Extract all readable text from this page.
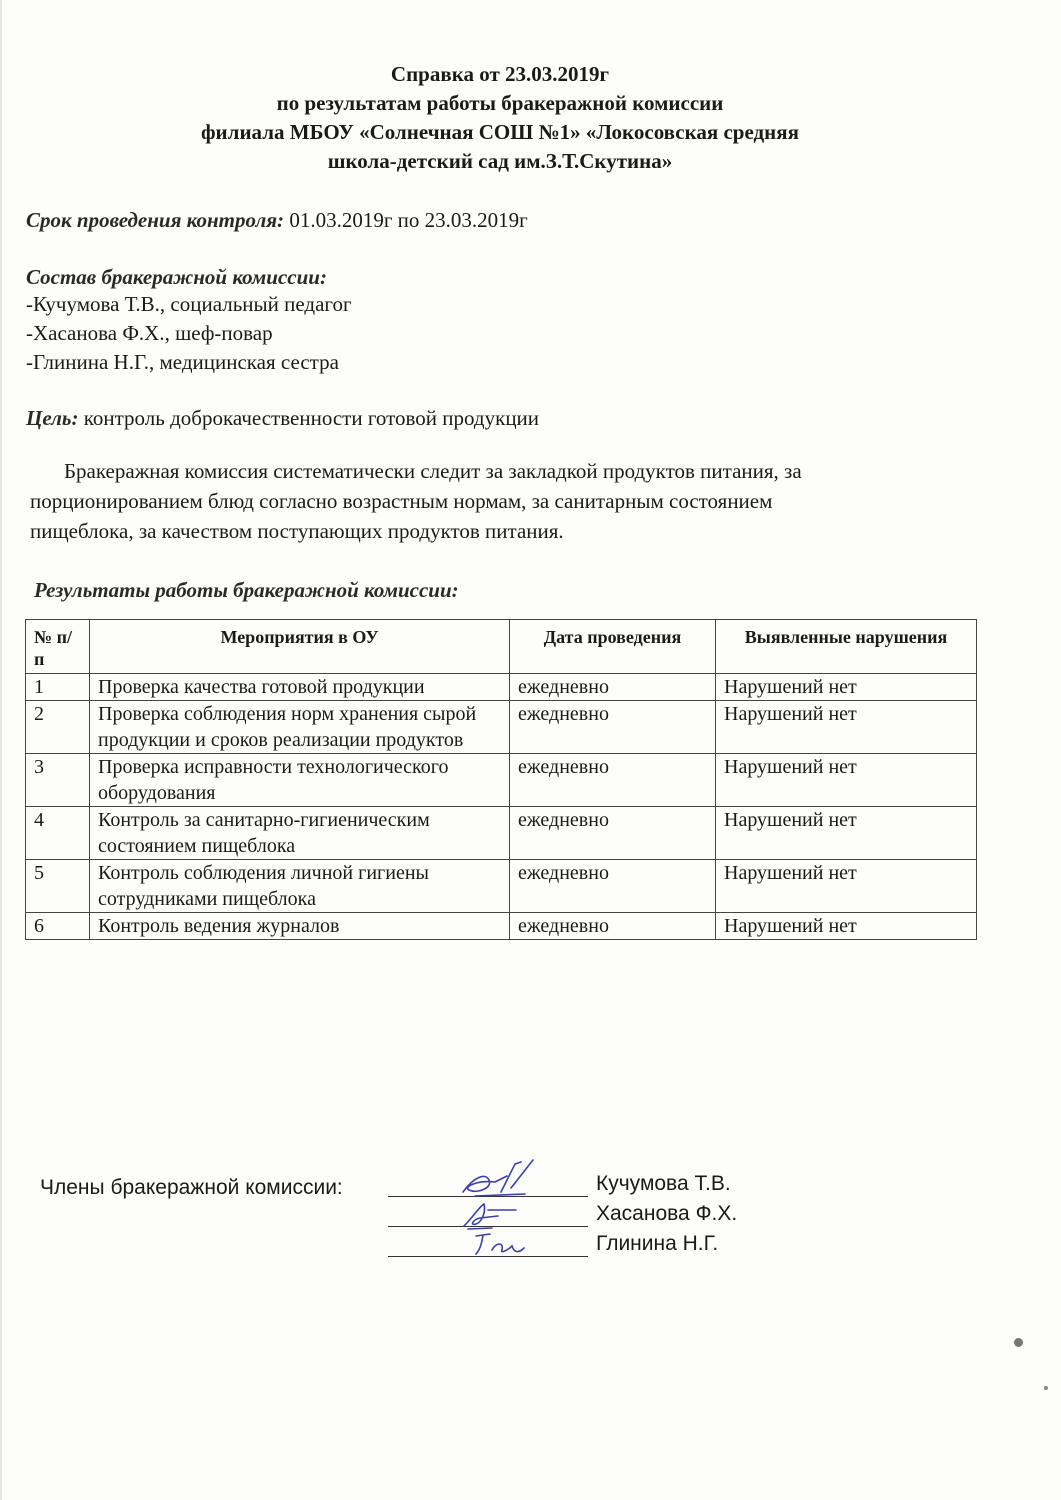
Справка от 23.03.2019г
по результатам работы бракеражной комиссии
филиала МБОУ «Солнечная СОШ №1» «Локосовская средняя
школа-детский сад им.З.Т.Скутина»
Срок проведения контроля: 01.03.2019г по 23.03.2019г
Состав бракеражной комиссии:
-Кучумова Т.В., социальный педагог
-Хасанова Ф.Х., шеф-повар
-Глинина Н.Г., медицинская сестра
Цель: контроль доброкачественности готовой продукции
Бракеражная комиссия систематически следит за закладкой продуктов питания, за
порционированием блюд согласно возрастным нормам, за санитарным состоянием
пищеблока, за качеством поступающих продуктов питания.
Результаты работы бракеражной комиссии:
№ п/п	Мероприятия в ОУ	Дата проведения	Выявленные нарушения
1	Проверка качества готовой продукции	ежедневно	Нарушений нет
2	Проверка соблюдения норм хранения сырой продукции и сроков реализации продуктов	ежедневно	Нарушений нет
3	Проверка исправности технологического оборудования	ежедневно	Нарушений нет
4	Контроль за санитарно-гигиеническим состоянием пищеблока	ежедневно	Нарушений нет
5	Контроль соблюдения личной гигиены сотрудниками пищеблока	ежедневно	Нарушений нет
6	Контроль ведения журналов	ежедневно	Нарушений нет
Члены бракеражной комиссии:	Кучумова Т.В.
Хасанова Ф.Х.
Глинина Н.Г.
